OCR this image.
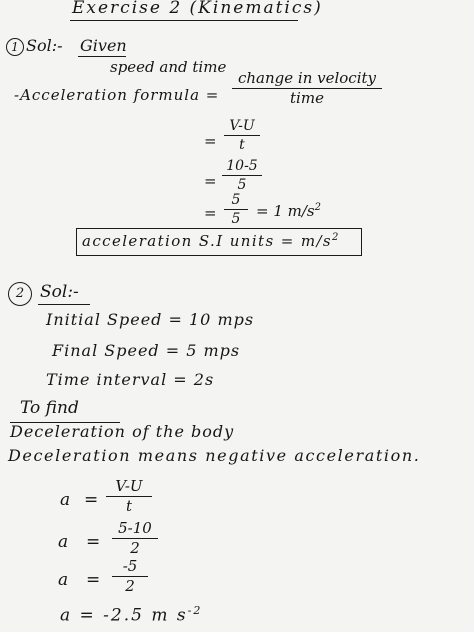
Exercise 2 (Kinematics)
1 Sol:- Given
speed and time
-Acceleration formula =
change in velocity
time
=
V-U
t
=
10-5
5
=
5
5	= 1 $m/s^2$
acceleration S.I units = $m/s^2$
2 Sol:-
Initial Speed = 10 mps
Final Speed = 5 mps
Time interval = 2s
To find
Deceleration of the body
Deceleration means negative acceleration.
a =
V-U
t
a =
5-10
2
a =
-5
2
a = -2.5 m $s^{-2}$
